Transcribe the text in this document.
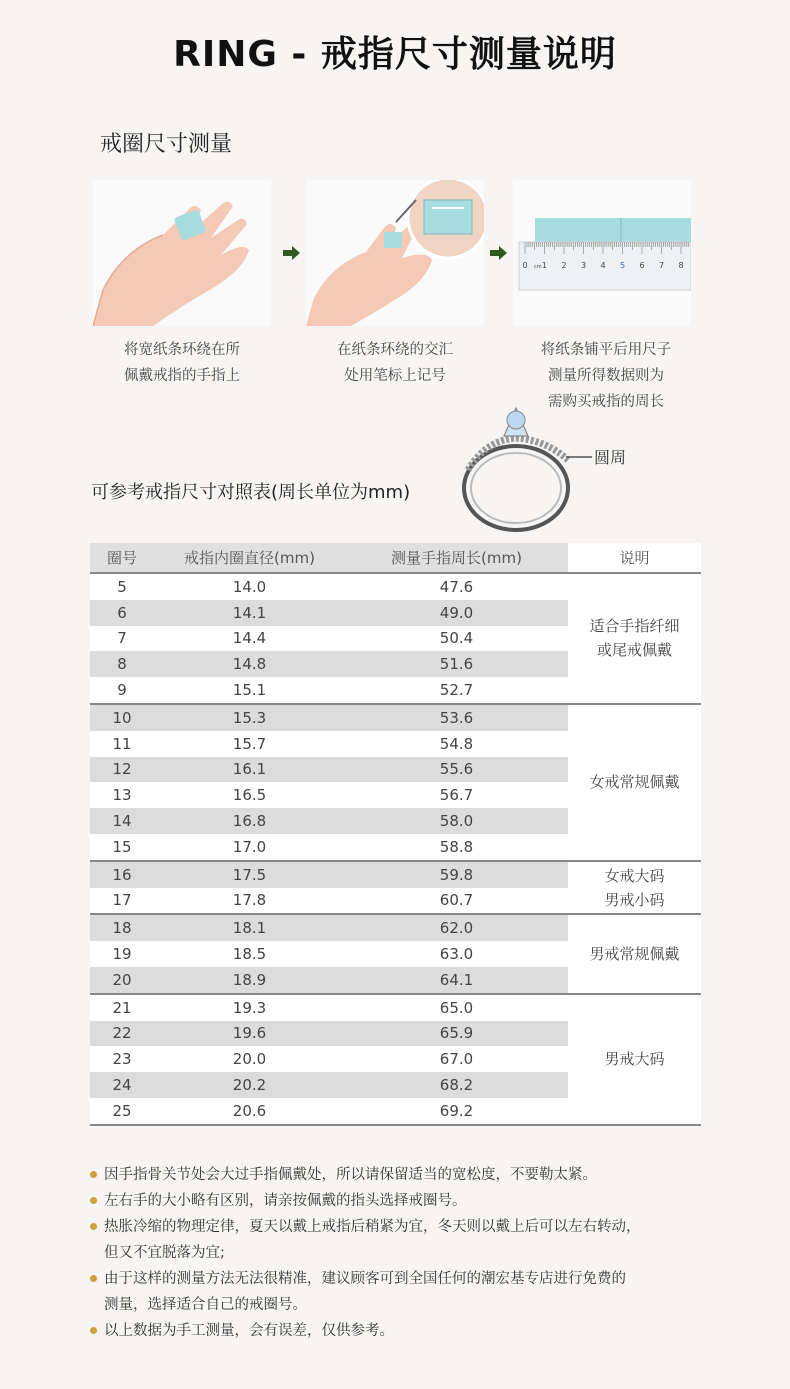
RING - 戒指尺寸测量说明
戒圈尺寸测量
0 1 2 3 4 5 6 7 8
cm
将宽纸条环绕在所
佩戴戒指的手指上
在纸条环绕的交汇
处用笔标上记号
将纸条铺平后用尺子
测量所得数据则为
需购买戒指的周长
可参考戒指尺寸对照表(周长单位为mm)
圆周
圈号	戒指内圈直径(mm)	测量手指周长(mm)	说明
5	14.0	47.6	适合手指纤细
或尾戒佩戴

6	14.1	49.0	
7	14.4	50.4	
8	14.8	51.6	
9	15.1	52.7	
10	15.3	53.6	女戒常规佩戴

11	15.7	54.8	
12	16.1	55.6	
13	16.5	56.7	
14	16.8	58.0	
15	17.0	58.8	
16	17.5	59.8	女戒大码
男戒小码

17	17.8	60.7	
18	18.1	62.0	男戒常规佩戴

19	18.5	63.0	
20	18.9	64.1	
21	19.3	65.0	男戒大码

22	19.6	65.9	
23	20.0	67.0	
24	20.2	68.2	
25	20.6	69.2	
因手指骨关节处会大过手指佩戴处，所以请保留适当的宽松度，不要勒太紧。
左右手的大小略有区别，请亲按佩戴的指头选择戒圈号。
热胀冷缩的物理定律，夏天以戴上戒指后稍紧为宜，冬天则以戴上后可以左右转动，
但又不宜脱落为宜;
由于这样的测量方法无法很精准，建议顾客可到全国任何的潮宏基专店进行免费的
测量，选择适合自己的戒圈号。
以上数据为手工测量，会有误差，仅供参考。
